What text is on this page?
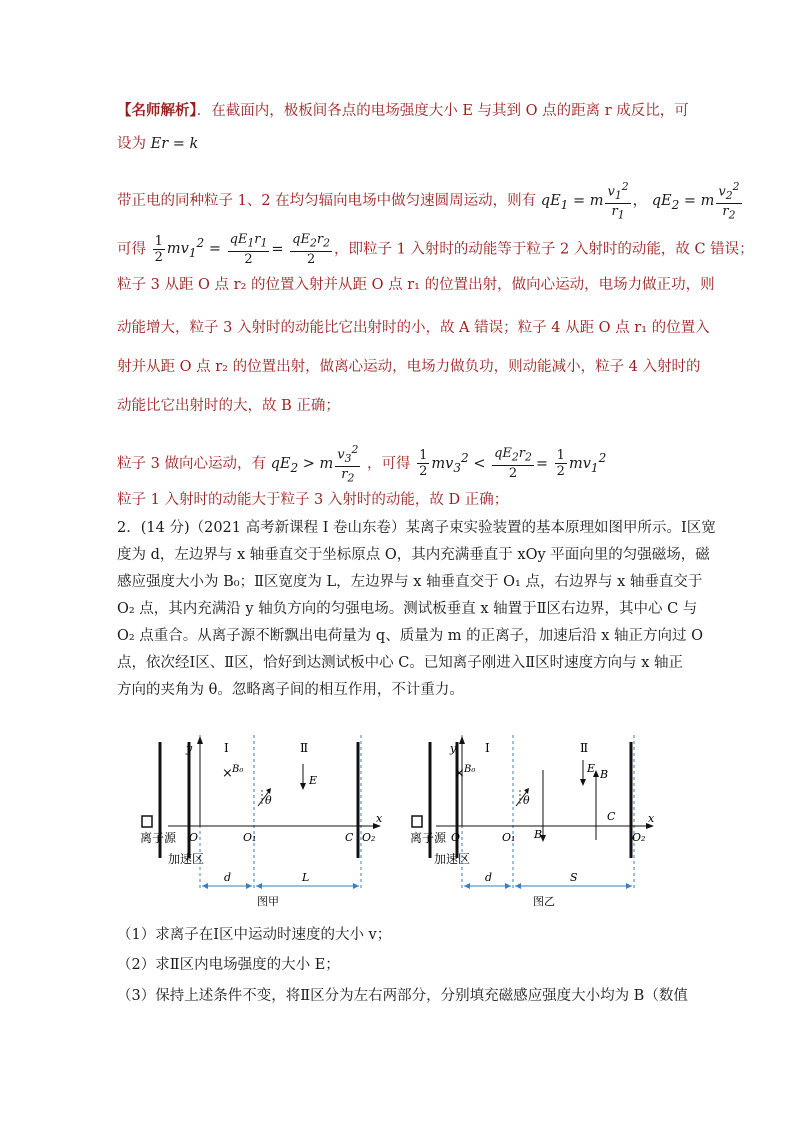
【名师解析】．在截面内，极板间各点的电场强度大小 E 与其到 O 点的距离 r 成反比，可
设为 Er = k
带正电的同种粒子 1、2 在均匀辐向电场中做匀速圆周运动，则有 $qE_1 = m \frac{v_1^2}{r_1}$ ， $qE_2 = m \frac{v_2^2}{r_2}$
可得 $\frac{1}{2} mv_1^2 = \frac{qE_1r_1}{2} = \frac{qE_2r_2}{2}$ ，即粒子 1 入射时的动能等于粒子 2 入射时的动能，故 C 错误；
粒子 3 从距 O 点 r₂ 的位置入射并从距 O 点 r₁ 的位置出射，做向心运动，电场力做正功，则
动能增大，粒子 3 入射时的动能比它出射时的小，故 A 错误；粒子 4 从距 O 点 r₁ 的位置入
射并从距 O 点 r₂ 的位置出射，做离心运动，电场力做负功，则动能减小，粒子 4 入射时的
动能比它出射时的大，故 B 正确；
粒子 3 做向心运动，有 $qE_2 > m \frac{v_3^2}{r_2}$ ，可得 $\frac{1}{2} mv_3^2 < \frac{qE_2r_2}{2} = \frac{1}{2} mv_1^2$
粒子 1 入射时的动能大于粒子 3 入射时的动能，故 D 正确；
2．(14 分)（2021 高考新课程 I 卷山东卷）某离子束实验装置的基本原理如图甲所示。Ⅰ区宽
度为 d，左边界与 x 轴垂直交于坐标原点 O，其内充满垂直于 xOy 平面向里的匀强磁场，磁
感应强度大小为 B₀；Ⅱ区宽度为 L，左边界与 x 轴垂直交于 O₁ 点，右边界与 x 轴垂直交于
O₂ 点，其内充满沿 y 轴负方向的匀强电场。测试板垂直 x 轴置于Ⅱ区右边界，其中心 C 与
O₂ 点重合。从离子源不断飘出电荷量为 q、质量为 m 的正离子，加速后沿 x 轴正方向过 O
点，依次经Ⅰ区、Ⅱ区，恰好到达测试板中心 C。已知离子刚进入Ⅱ区时速度方向与 x 轴正
方向的夹角为 θ。忽略离子间的相互作用，不计重力。
y
x
离子源
加速区
Ⅰ	Ⅱ
× B₀
E
θ
O	O₁	C O₂
d	L
图甲
y
x
离子源
加速区
Ⅰ	Ⅱ
× B₀	E
B
B
θ
O	O₁
C
O₂
d	S
图乙
（1）求离子在Ⅰ区中运动时速度的大小 v；
（2）求Ⅱ区内电场强度的大小 E；
（3）保持上述条件不变，将Ⅱ区分为左右两部分，分别填充磁感应强度大小均为 B（数值
